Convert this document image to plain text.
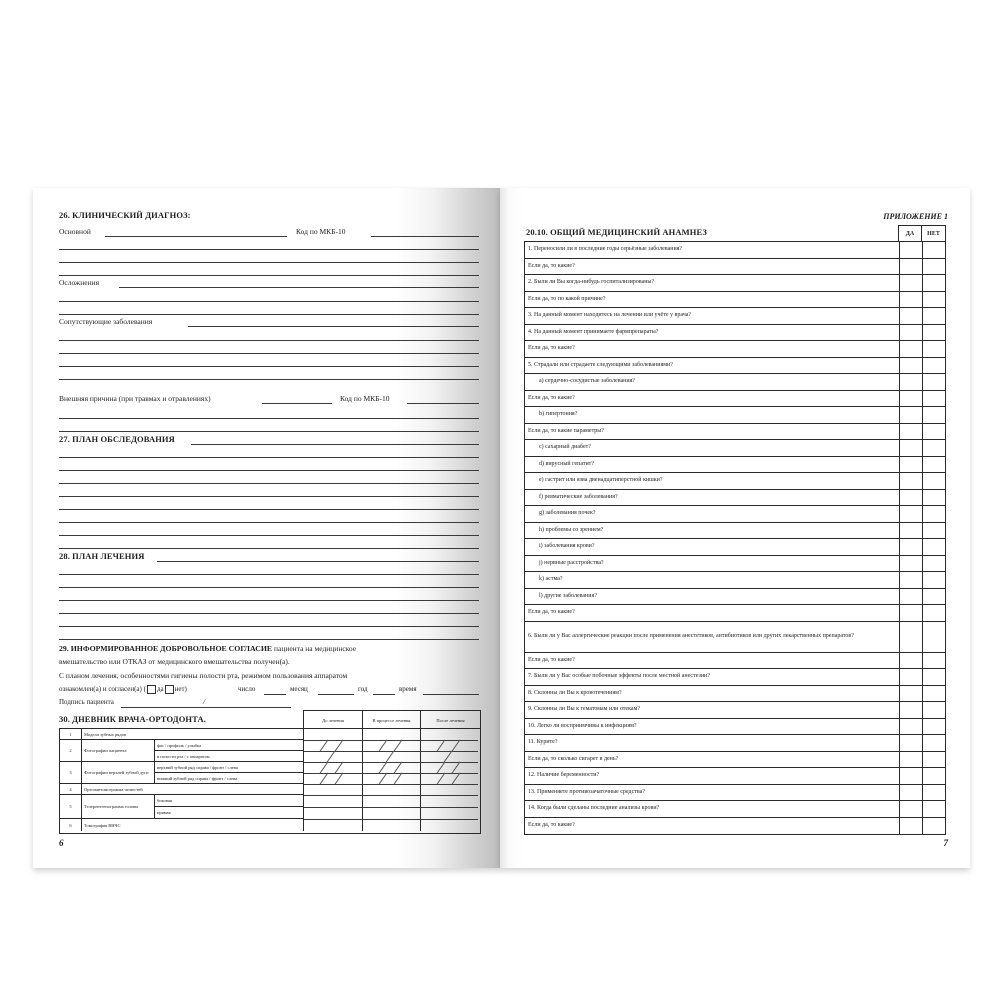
26. КЛИНИЧЕСКИЙ ДИАГНОЗ:
Основной	Код по МКБ-10
Осложнения
Сопутствующие заболевания
Внешняя причина (при травмах и отравлениях)	Код по МКБ-10
27. ПЛАН ОБСЛЕДОВАНИЯ
28. ПЛАН ЛЕЧЕНИЯ
29. ИНФОРМИРОВАННОЕ ДОБРОВОЛЬНОЕ СОГЛАСИЕ пациента на медицинское
вмешательство или ОТКАЗ от медицинского вмешательства получен(а).
С планом лечения, особенностями гигиены полости рта, режимом пользования аппаратом
ознакомлен(а) и согласен(а) ( да нет)	число	месяц	год	время
Подпись пациента	/
30. ДНЕВНИК ВРАЧА-ОРТОДОНТА.	До лечения	В процессе лечения	После лечения
1	Модели зубных рядов
2	Фотографии пациента
фас / профиль / улыбка
в полости рта / с аппаратом
3	Фотографии верхней зубной дуги
верхний зубной ряд справа / фронт / слева
нижний зубной ряд справа / фронт / слева
4	Ортопантомограмма челюстей
5	Телерентгенограмма головы
боковая
прямая
6	Томография ВНЧС
6
ПРИЛОЖЕНИЕ 1
20.10. ОБЩИЙ МЕДИЦИНСКИЙ АНАМНЕЗ	ДА	НЕТ
1. Переносили ли в последние годы серьёзные заболевания?
Если да, то какие?
2. Были ли Вы когда-нибудь госпитализированы?
Если да, то по какой причине?
3. На данный момент находитесь на лечении или учёте у врача?
4. На данный момент принимаете фармпрепараты?
Если да, то какие?
5. Страдали или страдаете следующими заболеваниями?
a) сердечно-сосудистые заболевания?
Если да, то какие?
b) гипертония?
Если да, то какие параметры?
c) сахарный диабет?
d) вирусный гепатит?
e) гастрит или язва двенадцатиперстной кишки?
f) ревматические заболевания?
g) заболевания почек?
h) проблемы со зрением?
i) заболевания крови?
j) нервные расстройства?
k) астма?
l) другие заболевания?
Если да, то какие?
6. Были ли у Вас аллергические реакции после применения анестетиков, антибиотиков или других лекарственных препаратов?
Если да, то какие?
7. Были ли у Вас особые побочные эффекты после местной анестезии?
8. Склонны ли Вы к кровотечениям?
9. Склонны ли Вы к гематомам или отекам?
10. Легко ли восприимчивы к инфекциям?
11. Курите?
Если да, то сколько сигарет в день?
12. Наличие беременности?
13. Применяете противозачаточные средства?
14. Когда были сделаны последние анализы крови?
Если да, то какие?
7
